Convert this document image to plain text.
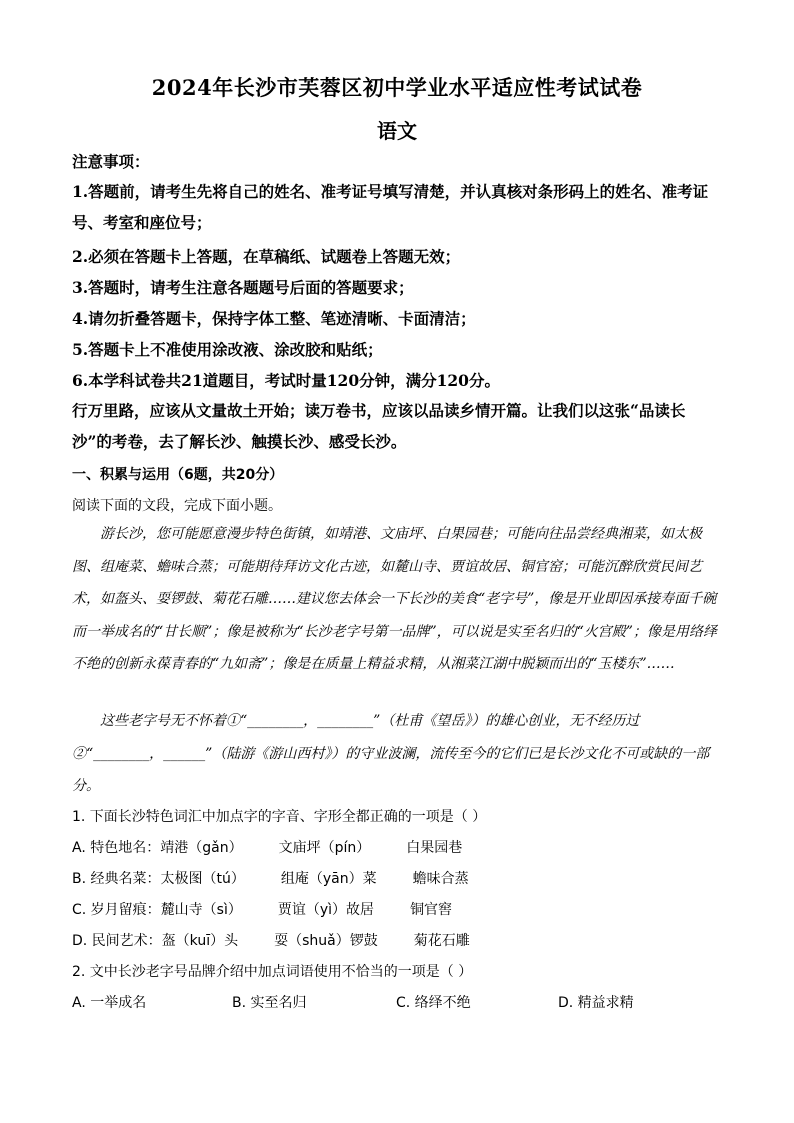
2024年长沙市芙蓉区初中学业水平适应性考试试卷
语文
注意事项：
1.答题前，请考生先将自己的姓名、准考证号填写清楚，并认真核对条形码上的姓名、准考证号、考室和座位号；
2.必须在答题卡上答题，在草稿纸、试题卷上答题无效；
3.答题时，请考生注意各题题号后面的答题要求；
4.请勿折叠答题卡，保持字体工整、笔迹清晰、卡面清洁；
5.答题卡上不准使用涂改液、涂改胶和贴纸；
6.本学科试卷共21道题目，考试时量120分钟，满分120分。
行万里路，应该从文量故土开始；读万卷书，应该以品读乡情开篇。让我们以这张“品读长沙”的考卷，去了解长沙、触摸长沙、感受长沙。
一、积累与运用（6题，共20分）
阅读下面的文段，完成下面小题。
游长沙，您可能愿意漫步特色街镇，如靖港、文庙坪、白果园巷；可能向往品尝经典湘菜，如太极图、组庵菜、蟾味合蒸；可能期待拜访文化古迹，如麓山寺、贾谊故居、铜官窑；可能沉醉欣赏民间艺术，如盔头、耍锣鼓、菊花石雕……建议您去体会一下长沙的美食“老字号”，像是开业即因承接寿面千碗而一举成名的“甘长顺”；像是被称为“长沙老字号第一品牌”，可以说是实至名归的“火宫殿”；像是用络绎不绝的创新永葆青春的“九如斋”；像是在质量上精益求精，从湘菜江湖中脱颖而出的“玉楼东”……
这些老字号无不怀着①“________，________”（杜甫《望岳》）的雄心创业，无不经历过②“________，______”（陆游《游山西村》）的守业波澜，流传至今的它们已是长沙文化不可或缺的一部分。
1. 下面长沙特色词汇中加点字的字音、字形全都正确的一项是（ ）
A. 特色地名：靖港（gǎn）	文庙坪（pín）	白果园巷
B. 经典名菜：太极图（tú）	组庵（yān）菜	蟾味合蒸
C. 岁月留痕：麓山寺（sì）	贾谊（yì）故居	铜官窖
D. 民间艺术：盔（kuī）头	耍（shuǎ）锣鼓	菊花石雕
2. 文中长沙老字号品牌介绍中加点词语使用不恰当的一项是（ ）
A. 一举成名	B. 实至名归	C. 络绎不绝	D. 精益求精
